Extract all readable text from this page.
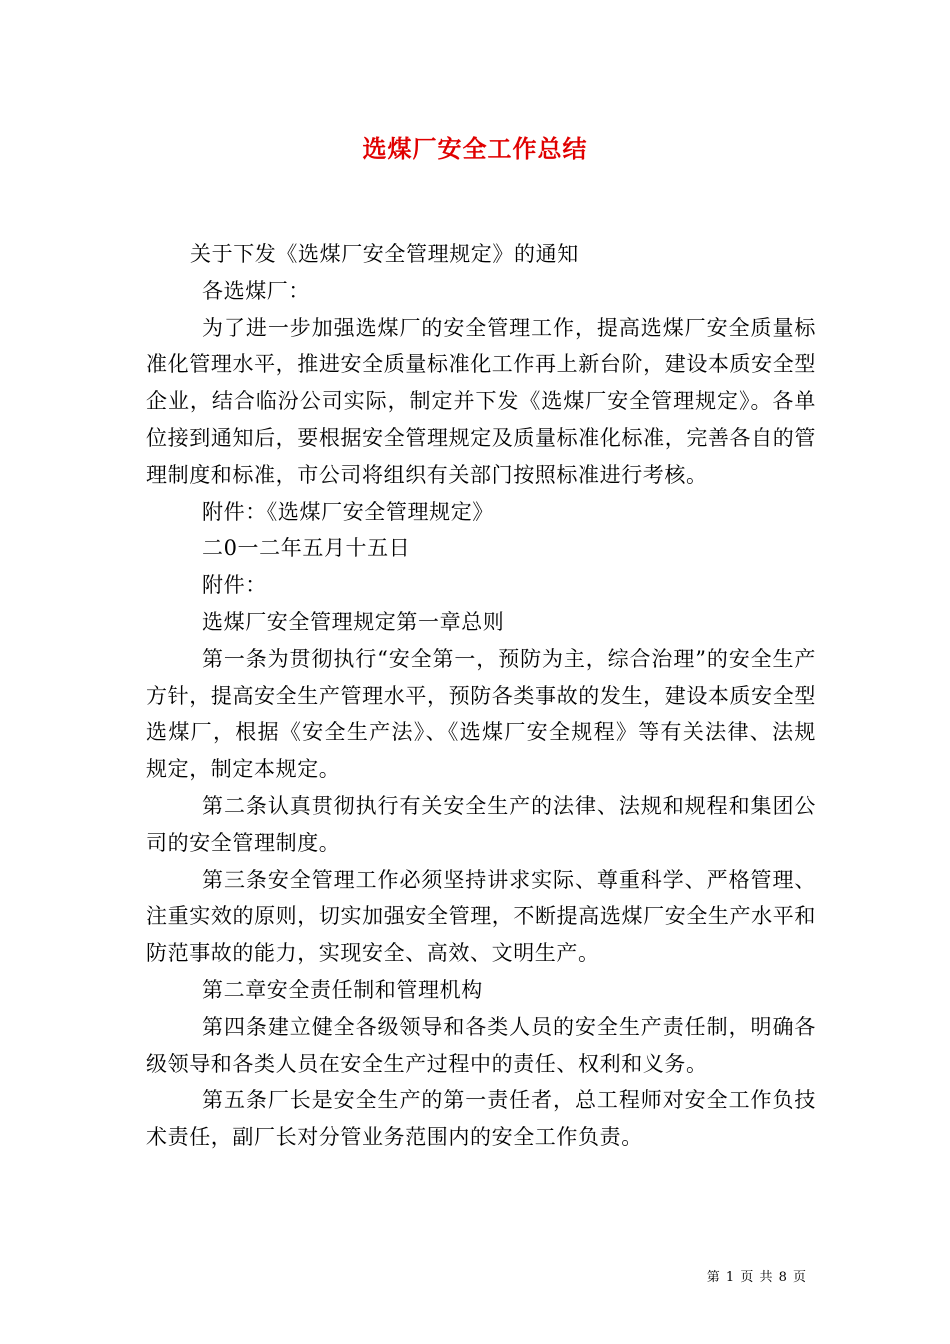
选煤厂安全工作总结

关于下发《选煤厂安全管理规定》的通知

各选煤厂：

为了进一步加强选煤厂的安全管理工作，提高选煤厂安全质量标准化管理水平，推进安全质量标准化工作再上新台阶，建设本质安全型企业，结合临汾公司实际，制定并下发《选煤厂安全管理规定》。各单位接到通知后，要根据安全管理规定及质量标准化标准，完善各自的管理制度和标准，市公司将组织有关部门按照标准进行考核。

附件：《选煤厂安全管理规定》

二0一二年五月十五日

附件：

选煤厂安全管理规定第一章总则

第一条为贯彻执行“安全第一，预防为主，综合治理”的安全生产方针，提高安全生产管理水平，预防各类事故的发生，建设本质安全型选煤厂，根据《安全生产法》、《选煤厂安全规程》等有关法律、法规规定，制定本规定。

第二条认真贯彻执行有关安全生产的法律、法规和规程和集团公司的安全管理制度。

第三条安全管理工作必须坚持讲求实际、尊重科学、严格管理、注重实效的原则，切实加强安全管理，不断提高选煤厂安全生产水平和防范事故的能力，实现安全、高效、文明生产。

第二章安全责任制和管理机构

第四条建立健全各级领导和各类人员的安全生产责任制，明确各级领导和各类人员在安全生产过程中的责任、权利和义务。

第五条厂长是安全生产的第一责任者，总工程师对安全工作负技术责任，副厂长对分管业务范围内的安全工作负责。

第 1 页 共 8 页
